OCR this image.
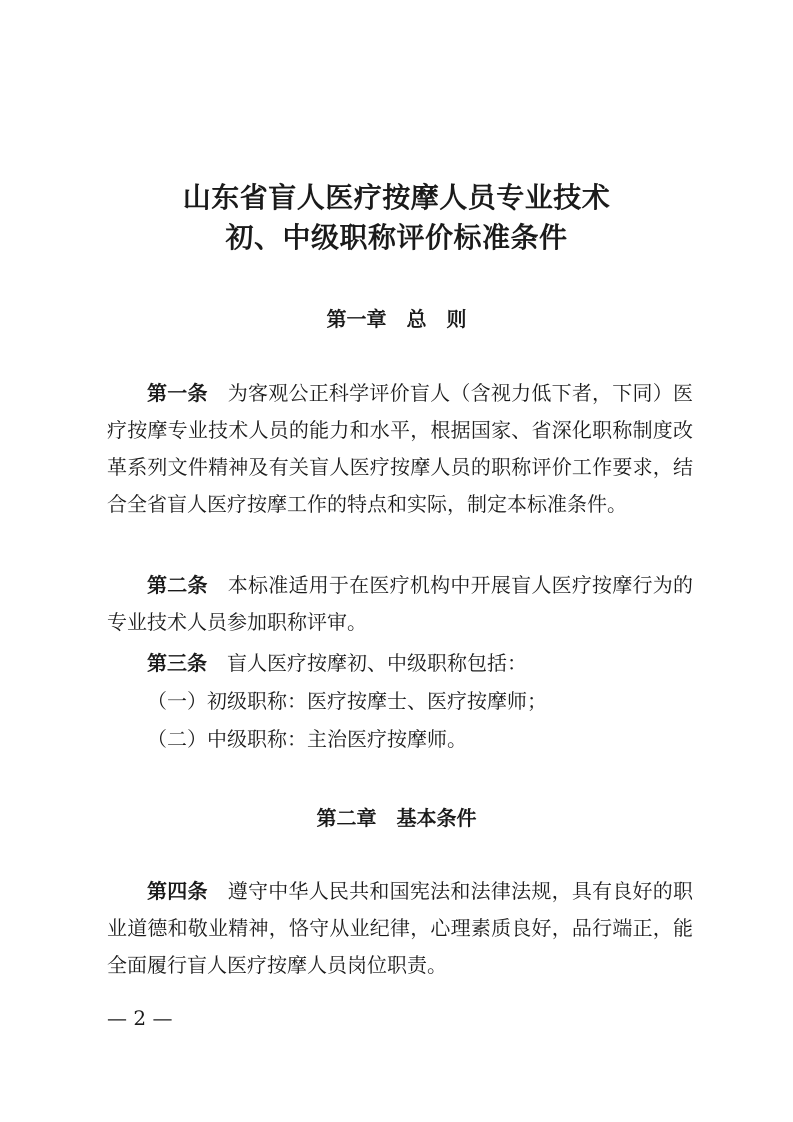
山东省盲人医疗按摩人员专业技术
初、中级职称评价标准条件
第一章　总　则

第一条 为客观公正科学评价盲人（含视力低下者，下同）医疗按摩专业技术人员的能力和水平，根据国家、省深化职称制度改革系列文件精神及有关盲人医疗按摩人员的职称评价工作要求，结合全省盲人医疗按摩工作的特点和实际，制定本标准条件。

第二条 本标准适用于在医疗机构中开展盲人医疗按摩行为的专业技术人员参加职称评审。

第三条 盲人医疗按摩初、中级职称包括：

（一）初级职称：医疗按摩士、医疗按摩师；

（二）中级职称：主治医疗按摩师。

第二章　基本条件

第四条 遵守中华人民共和国宪法和法律法规，具有良好的职业道德和敬业精神，恪守从业纪律，心理素质良好，品行端正，能全面履行盲人医疗按摩人员岗位职责。

— 2 —
